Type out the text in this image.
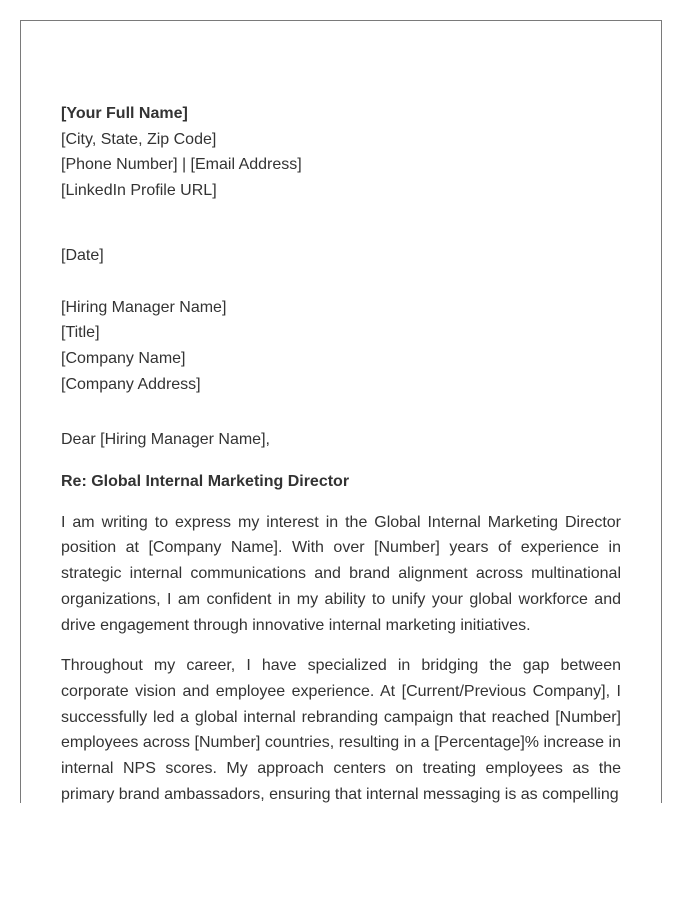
[Your Full Name]
[City, State, Zip Code]
[Phone Number] | [Email Address]
[LinkedIn Profile URL]
[Date]
[Hiring Manager Name]
[Title]
[Company Name]
[Company Address]
Dear [Hiring Manager Name],
Re: Global Internal Marketing Director

I am writing to express my interest in the Global Internal Marketing Director position at [Company Name]. With over [Number] years of experience in strategic internal communications and brand alignment across multinational organizations, I am confident in my ability to unify your global workforce and drive engagement through innovative internal marketing initiatives.

Throughout my career, I have specialized in bridging the gap between corporate vision and employee experience. At [Current/Previous Company], I successfully led a global internal rebranding campaign that reached [Number] employees across [Number] countries, resulting in a [Percentage]% increase in internal NPS scores. My approach centers on treating employees as the primary brand ambassadors, ensuring that internal messaging is as compelling
